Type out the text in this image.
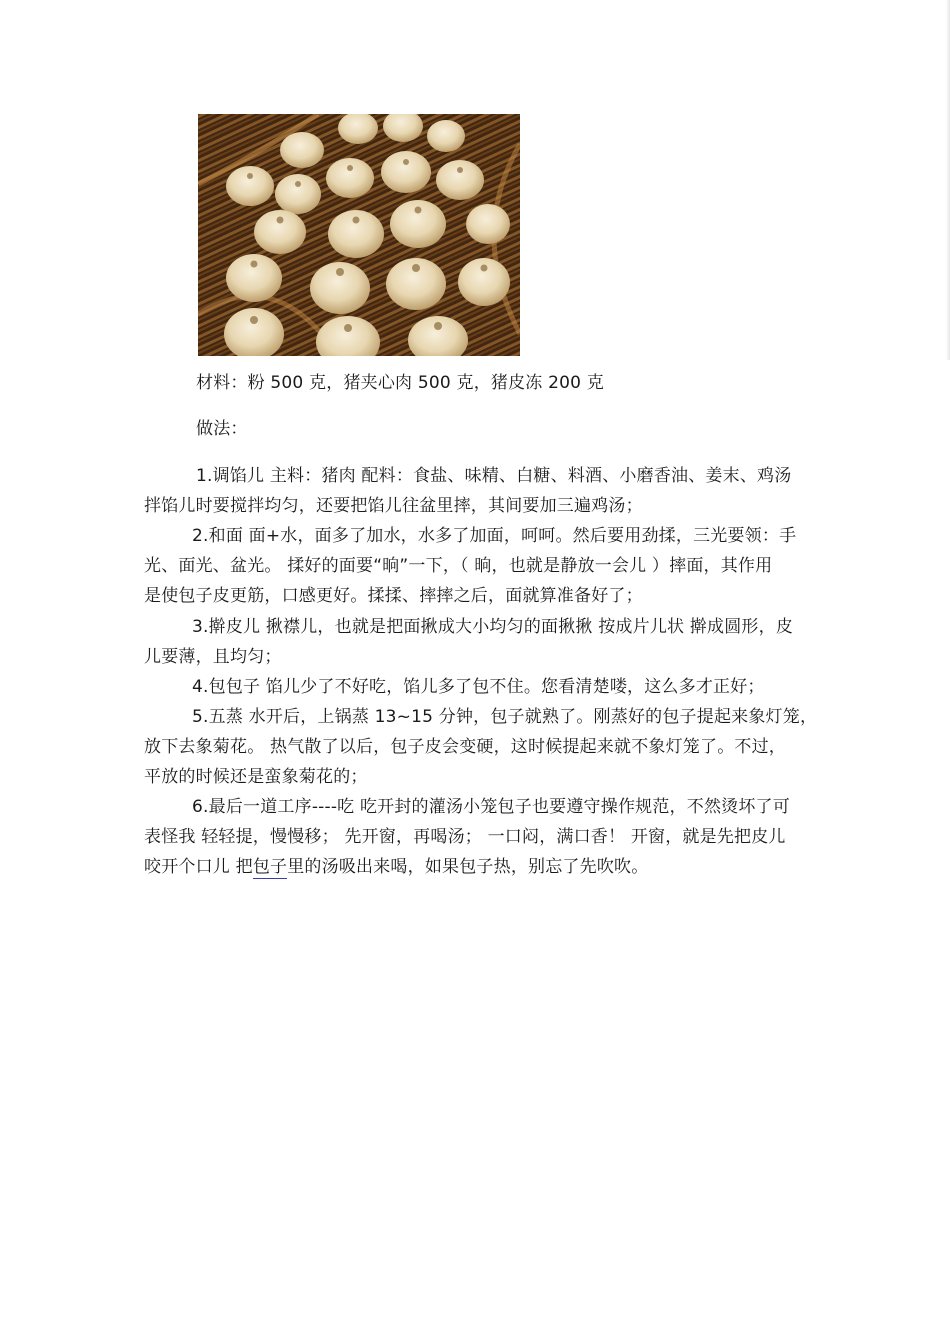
材料：粉 500 克，猪夹心肉 500 克，猪皮冻 200 克
做法：
1.调馅儿 主料：猪肉 配料：食盐、味精、白糖、料酒、小磨香油、姜末、鸡汤
拌馅儿时要搅拌均匀，还要把馅儿往盆里摔，其间要加三遍鸡汤；
2.和面 面+水，面多了加水，水多了加面，呵呵。然后要用劲揉，三光要领：手
光、面光、盆光。 揉好的面要“晌”一下，（ 晌，也就是静放一会儿 ）摔面，其作用
是使包子皮更筋，口感更好。揉揉、摔摔之后，面就算准备好了；
3.擀皮儿 揪襟儿，也就是把面揪成大小均匀的面揪揪 按成片儿状 擀成圆形，皮
儿要薄，且均匀；
4.包包子 馅儿少了不好吃，馅儿多了包不住。您看清楚喽，这么多才正好；
5.五蒸 水开后，上锅蒸 13~15 分钟，包子就熟了。刚蒸好的包子提起来象灯笼，
放下去象菊花。 热气散了以后，包子皮会变硬，这时候提起来就不象灯笼了。不过，
平放的时候还是蛮象菊花的；
6.最后一道工序----吃 吃开封的灌汤小笼包子也要遵守操作规范，不然烫坏了可
表怪我 轻轻提，慢慢移； 先开窗，再喝汤； 一口闷，满口香！ 开窗，就是先把皮儿
咬开个口儿 把包子里的汤吸出来喝，如果包子热，别忘了先吹吹。
